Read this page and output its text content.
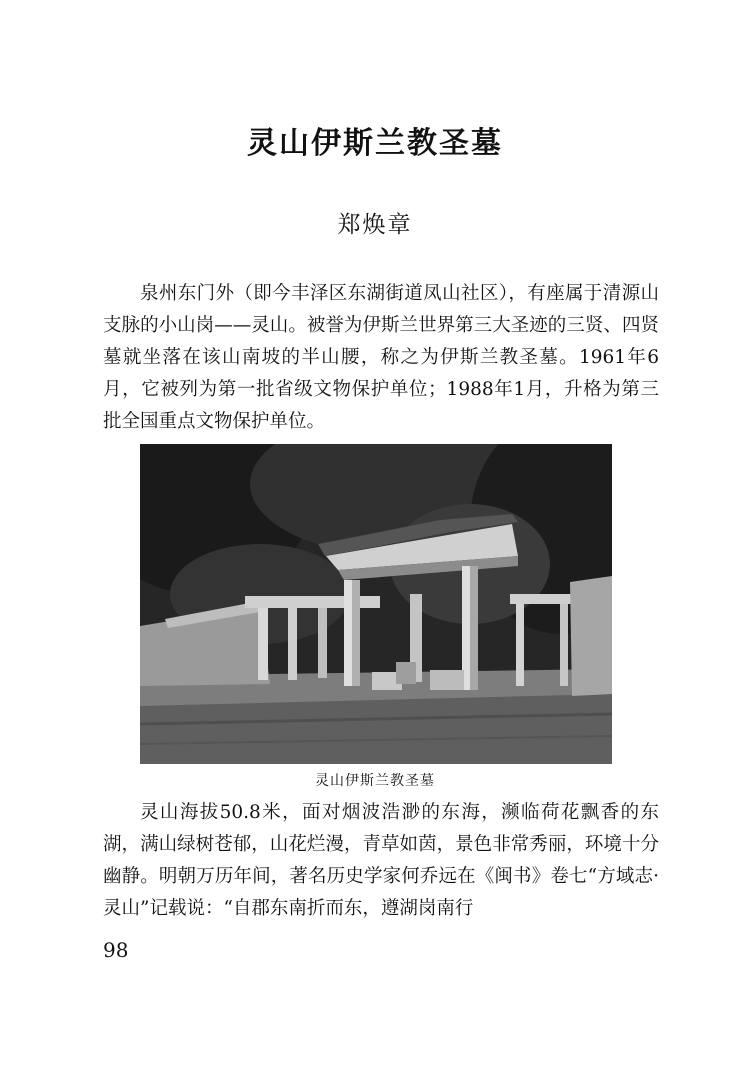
灵山伊斯兰教圣墓

郑焕章

泉州东门外（即今丰泽区东湖街道凤山社区），有座属于清源山支脉的小山岗——灵山。被誉为伊斯兰世界第三大圣迹的三贤、四贤墓就坐落在该山南坡的半山腰，称之为伊斯兰教圣墓。1961年6月，它被列为第一批省级文物保护单位；1988年1月，升格为第三批全国重点文物保护单位。

灵山伊斯兰教圣墓

灵山海拔50.8米，面对烟波浩渺的东海，濒临荷花飘香的东湖，满山绿树苍郁，山花烂漫，青草如茵，景色非常秀丽，环境十分幽静。明朝万历年间，著名历史学家何乔远在《闽书》卷七“方域志·灵山”记载说：“自郡东南折而东，遵湖岗南行

98
